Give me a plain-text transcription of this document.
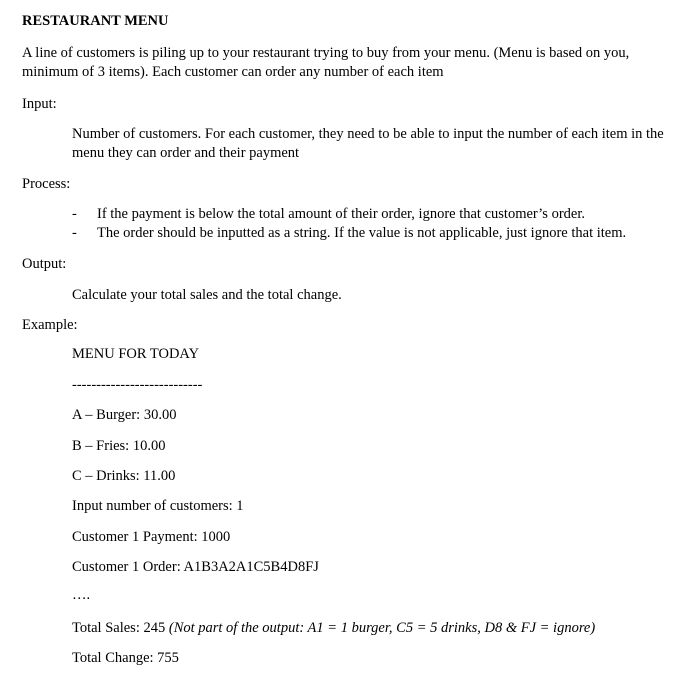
RESTAURANT MENU
A line of customers is piling up to your restaurant trying to buy from your menu. (Menu is based on you, minimum of 3 items). Each customer can order any number of each item
Input:
Number of customers. For each customer, they need to be able to input the number of each item in the menu they can order and their payment
Process:
- If the payment is below the total amount of their order, ignore that customer’s order.
- The order should be inputted as a string. If the value is not applicable, just ignore that item.
Output:
Calculate your total sales and the total change.
Example:
MENU FOR TODAY
---------------------------
A – Burger: 30.00
B – Fries: 10.00
C – Drinks: 11.00
Input number of customers: 1
Customer 1 Payment: 1000
Customer 1 Order: A1B3A2A1C5B4D8FJ
….
Total Sales: 245 (Not part of the output: A1 = 1 burger, C5 = 5 drinks, D8 & FJ = ignore)
Total Change: 755
